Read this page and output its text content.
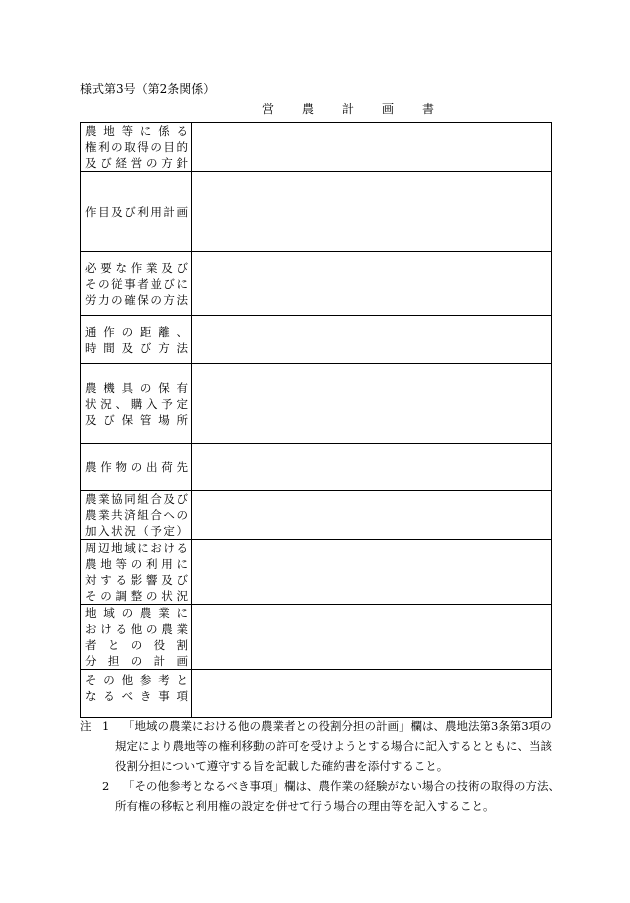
様式第3号（第2条関係）
営　農　計　画　書
農地等に係る
権利の取得の目的
及び経営の方針	

作目及び利用計画	

必要な作業及び
その従事者並びに
労力の確保の方法	

通作の距離、
時間及び方法	

農機具の保有
状況、購入予定
及び保管場所	

農作物の出荷先	

農業協同組合及び
農業共済組合への
加入状況（予定）	

周辺地域における
農地等の利用に
対する影響及び
その調整の状況	

地域の農業に
おける他の農業
者との役割
分担の計画	

その他参考と
なるべき事項	

注 1	「地域の農業における他の農業者との役割分担の計画」欄は、農地法第3条第3項の規定により農地等の権利移動の許可を受けようとする場合に記入するとともに、当該役割分担について遵守する旨を記載した確約書を添付すること。
2	「その他参考となるべき事項」欄は、農作業の経験がない場合の技術の取得の方法、所有権の移転と利用権の設定を併せて行う場合の理由等を記入すること。
